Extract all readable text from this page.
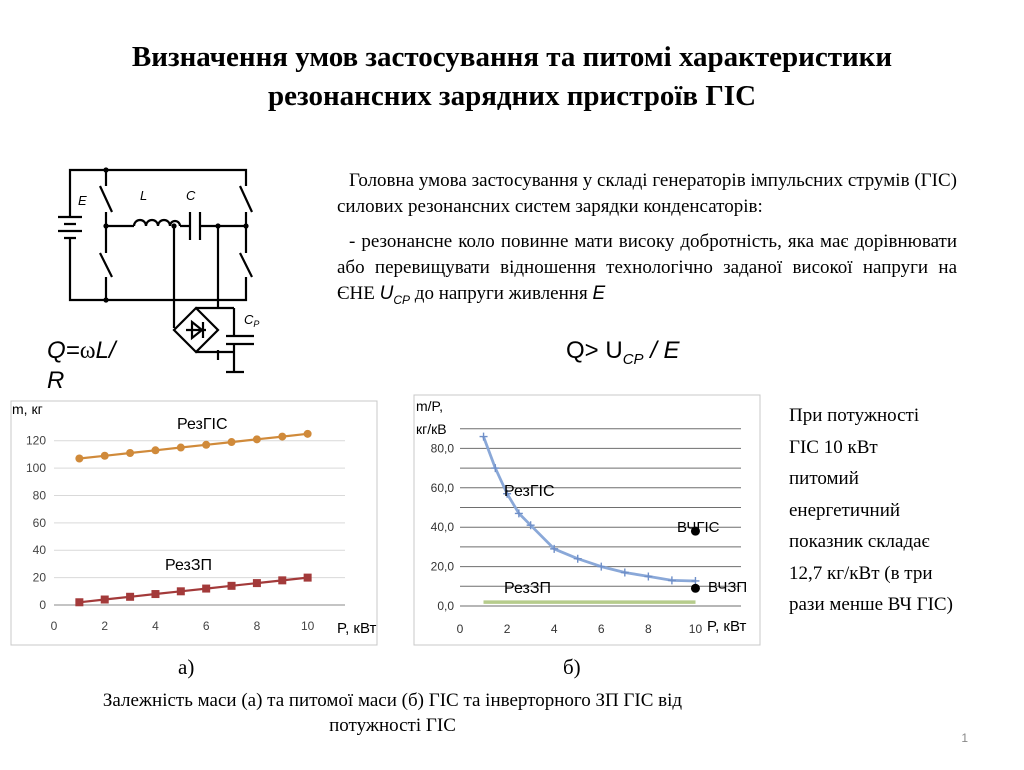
Визначення умов застосування та питомі характеристики
резонансних зарядних пристроїв ГІС
E	L	C
$C_P$
Q=ωL/
R
$Q> U_{CP} / E$

Головна умова застосування у складі генераторів імпульсних струмів (ГІС) силових резонансних систем зарядки конденсаторів:

- резонансне коло повинне мати високу добротність, яка має дорівнювати або перевищувати відношення технологічно заданої високої напруги на ЄНЕ $U_{CP}$ до напруги живлення E

При потужності
ГІС 10 кВт
питомий
енергетичний
показник складає
12,7 кг/кВт (в три
рази менше ВЧ ГІС)
0
20
40
60
80
100
120
0	2	4	6	8	10
m, кг
P, кВт
РезГІС
РезЗП
0,0
20,0
40,0
60,0
80,0
0	2	4	6	8	10
m/P,
кг/кВ
P, кВт
ВЧГІС
ВЧЗП
РезГІС
РезЗП
а)	б)
Залежність маси (а) та питомої маси (б) ГІС та інверторного ЗП ГІС від
потужності ГІС
1
